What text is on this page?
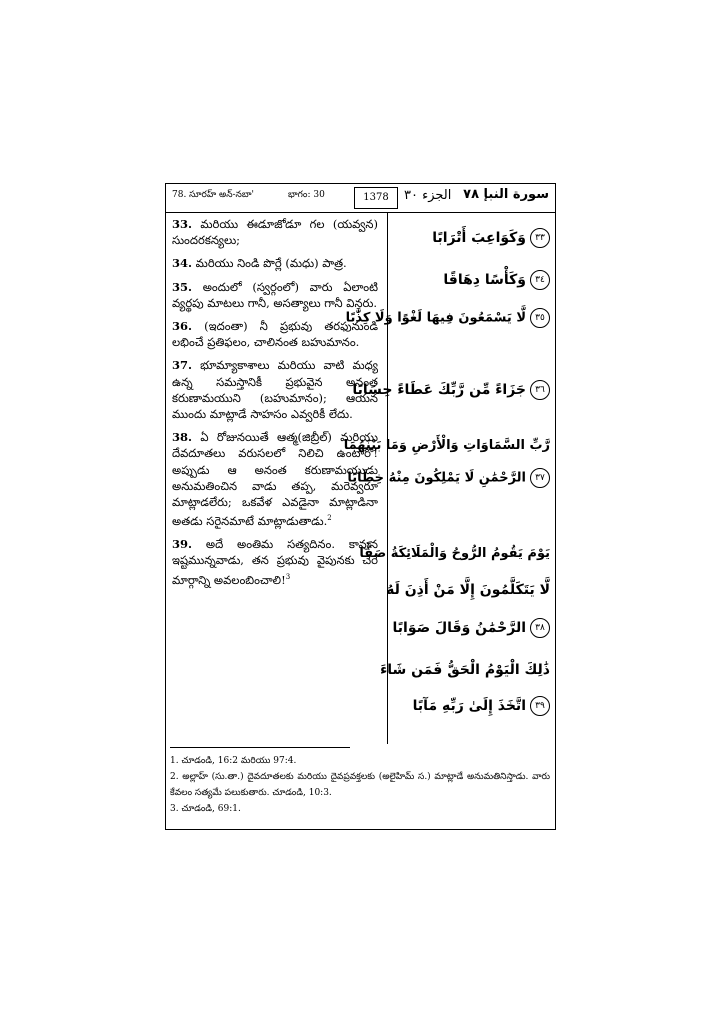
78. సూరహ్ అన్-నబా'	భాగం: 30	1378	الجزء ٣٠ سورة النبإ ٧٨
33. మరియు ఈడూజోడూ గల (యవ్వన) సుందరకన్యలు;
34. మరియు నిండి పొర్లే (మధు) పాత్ర.
35. అందులో (స్వర్గంలో) వారు ఏలాంటి వ్యర్థపు మాటలు గానీ, అసత్యాలు గానీ వినరు.
36. (ఇదంతా) నీ ప్రభువు తరఫునుండి లభించే ప్రతిఫలం, చాలినంత బహుమానం.
37. భూమ్యాకాశాలు మరియు వాటి మధ్య ఉన్న సమస్తానికీ ప్రభువైన అనంత కరుణామయుని (బహుమానం); ఆయన ముందు మాట్లాడే సాహసం ఎవ్వరికీ లేదు.
38. ఏ రోజునయితే ఆత్మ(జిబ్రీల్) మరియు దేవదూతలు వరుసలలో నిలిచి ఉంటారో! అప్పుడు ఆ అనంత కరుణామయుడు అనుమతించిన వాడు తప్ప, మరెవ్వరూ మాట్లాడలేరు; ఒకవేళ ఎవడైనా మాట్లాడినా అతడు సరైనమాటే మాట్లాడుతాడు.$^2$
39. అదే అంతిమ సత్యదినం. కావున ఇష్టమున్నవాడు, తన ప్రభువు వైపునకు చేరే మార్గాన్ని అవలంబించాలి!$^3$
٣٣وَكَوَاعِبَ أَتْرَابًا
٣٤وَكَأْسًا دِهَاقًا
٣٥لَّا يَسْمَعُونَ فِيهَا لَغْوًا وَلَا كِذَّٰبًا
٣٦جَزَاءً مِّن رَّبِّكَ عَطَاءً حِسَابًا
رَّبِّ السَّمَاوَاتِ وَالْأَرْضِ وَمَا بَيْنَهُمَا
٣٧الرَّحْمَٰنِ لَا يَمْلِكُونَ مِنْهُ خِطَابًا
يَوْمَ يَقُومُ الرُّوحُ وَالْمَلَائِكَةُ صَفًّا
لَّا يَتَكَلَّمُونَ إِلَّا مَنْ أَذِنَ لَهُ
٣٨الرَّحْمَٰنُ وَقَالَ صَوَابًا
ذَٰلِكَ الْيَوْمُ الْحَقُّ فَمَن شَاءَ
٣٩اتَّخَذَ إِلَىٰ رَبِّهِ مَآبًا
1. చూడండి, 16:2 మరియు 97:4.
2. అల్లాహ్ (సు.తా.) దైవదూతలకు మరియు దైవప్రవక్తలకు (అలైహిమ్ స.) మాట్లాడే అనుమతినిస్తాడు. వారు కేవలం సత్యమే పలుకుతారు. చూడండి, 10:3.
3. చూడండి, 69:1.
